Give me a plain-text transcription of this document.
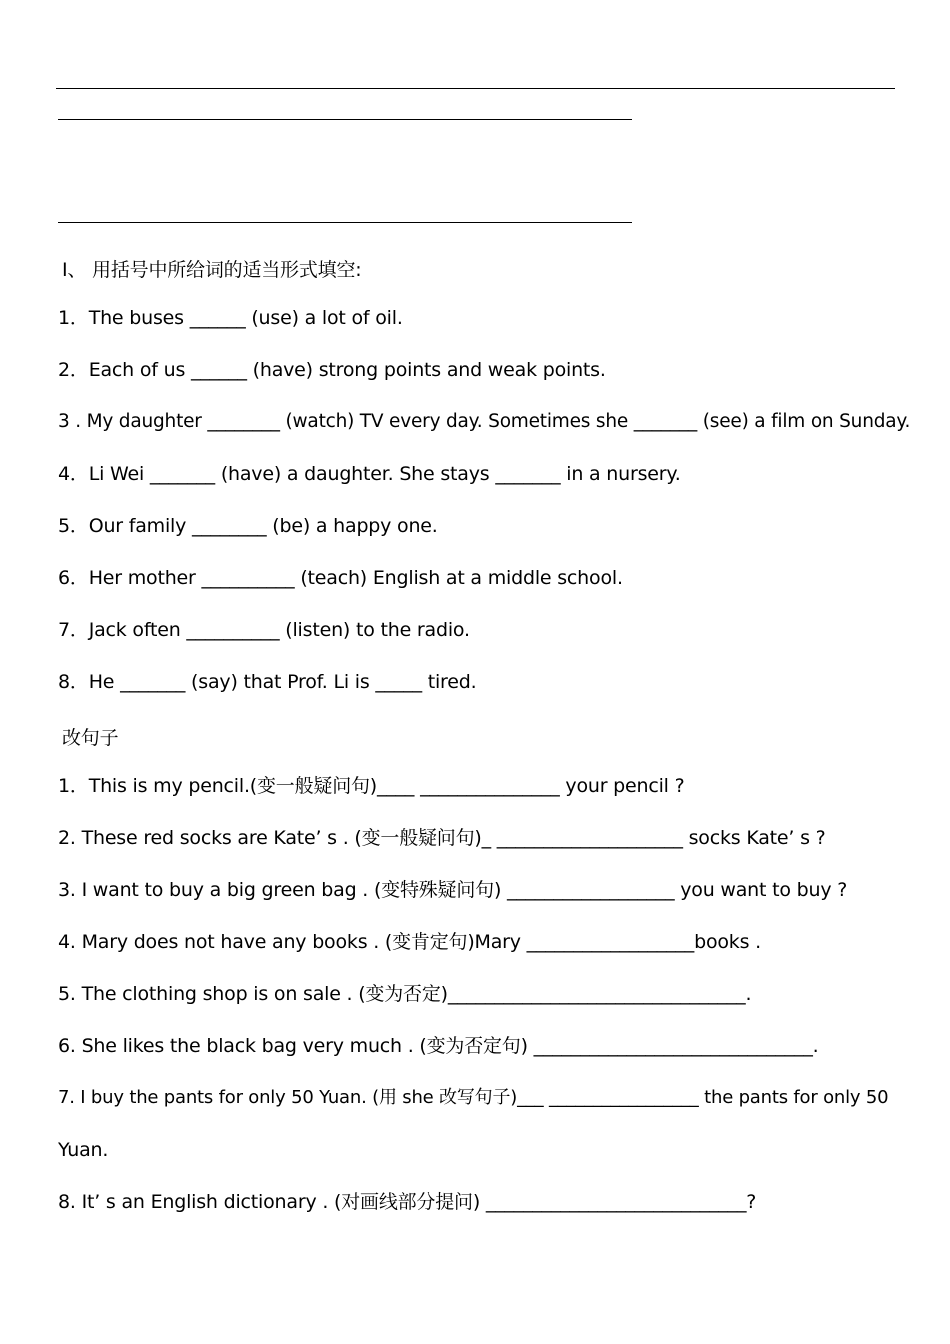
I、 用括号中所给词的适当形式填空:
1．The buses ______ (use) a lot of oil.
2．Each of us ______ (have) strong points and weak points.
3 . My daughter ________ (watch) TV every day. Sometimes she _______ (see) a film on Sunday.
4．Li Wei _______ (have) a daughter. She stays _______ in a nursery.
5．Our family ________ (be) a happy one.
6．Her mother __________ (teach) English at a middle school.
7．Jack often __________ (listen) to the radio.
8．He _______ (say) that Prof. Li is _____ tired.
改句子
1．This is my pencil.(变一般疑问句)____ _______________ your pencil ?
2. These red socks are Kate’ s . (变一般疑问句)_ ____________________ socks Kate’ s ?
3. I want to buy a big green bag . (变特殊疑问句) __________________ you want to buy ?
4. Mary does not have any books . (变肯定句)Mary __________________books .
5. The clothing shop is on sale . (变为否定)________________________________.
6. She likes the black bag very much . (变为否定句) ______________________________.
7. I buy the pants for only 50 Yuan. (用 she 改写句子)___ _________________ the pants for only 50
Yuan.
8. It’ s an English dictionary . (对画线部分提问) ____________________________?
